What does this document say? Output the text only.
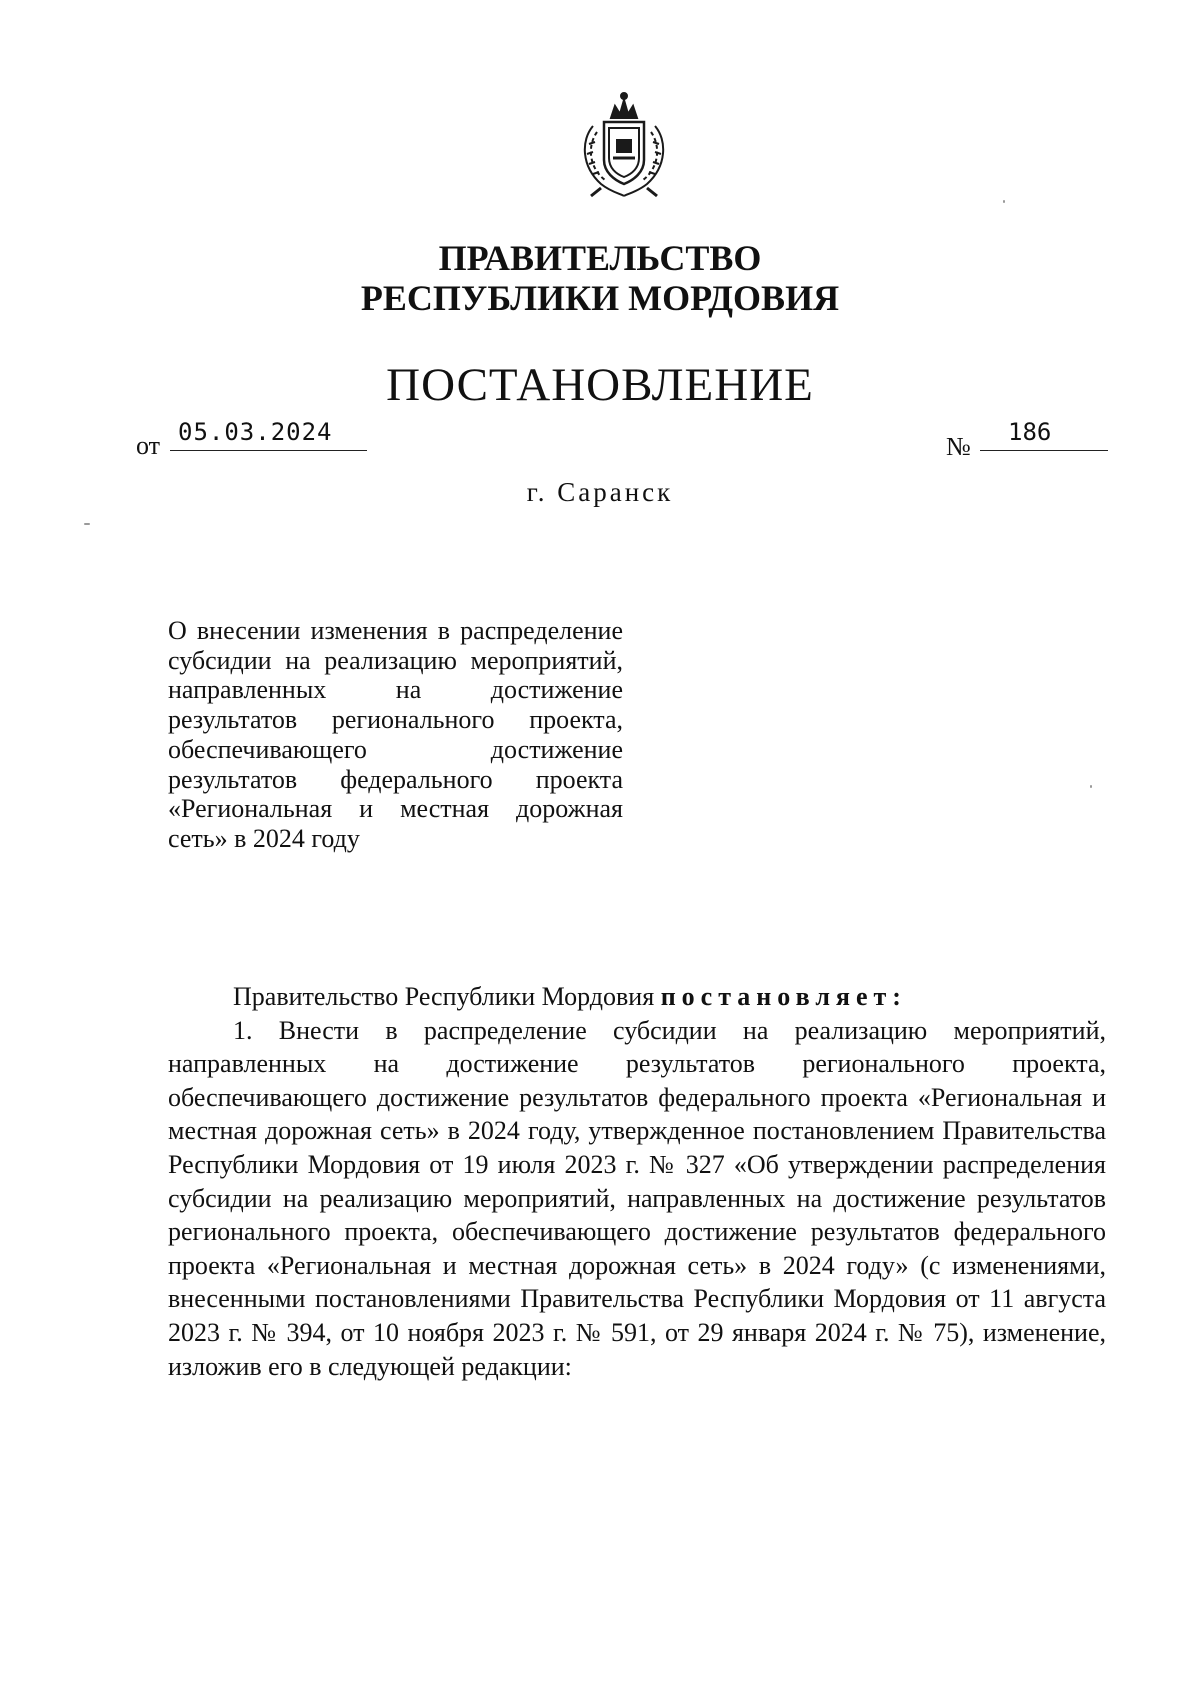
ПРАВИТЕЛЬСТВО
РЕСПУБЛИКИ МОРДОВИЯ
ПОСТАНОВЛЕНИЕ
от 05.03.2024	№ 186
г. Саранск
О внесении изменения в распределение субсидии на реализацию мероприятий, направленных на достижение результатов регионального проекта, обеспечивающего достижение результатов федерального проекта «Региональная и местная дорожная сеть» в 2024 году

Правительство Республики Мордовия постановляет:

1. Внести в распределение субсидии на реализацию мероприятий, направленных на достижение результатов регионального проекта, обеспечивающего достижение результатов федерального проекта «Региональная и местная дорожная сеть» в 2024 году, утвержденное постановлением Правительства Республики Мордовия от 19 июля 2023 г. № 327 «Об утверждении распределения субсидии на реализацию мероприятий, направленных на достижение результатов регионального проекта, обеспечивающего достижение результатов федерального проекта «Региональная и местная дорожная сеть» в 2024 году» (с изменениями, внесенными постановлениями Правительства Республики Мордовия от 11 августа 2023 г. № 394, от 10 ноября 2023 г. № 591, от 29 января 2024 г. № 75), изменение, изложив его в следующей редакции:
